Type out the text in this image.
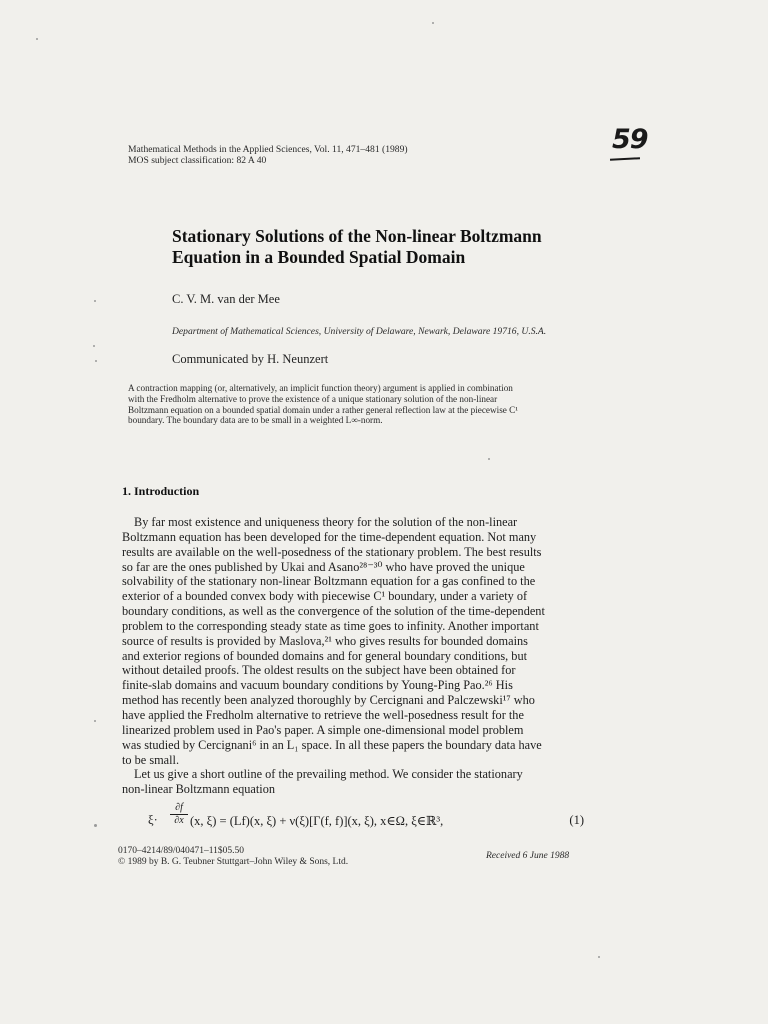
Mathematical Methods in the Applied Sciences, Vol. 11, 471–481 (1989)
MOS subject classification: 82 A 40
59
Stationary Solutions of the Non-linear Boltzmann
Equation in a Bounded Spatial Domain
C. V. M. van der Mee
Department of Mathematical Sciences, University of Delaware, Newark, Delaware 19716, U.S.A.
Communicated by H. Neunzert
A contraction mapping (or, alternatively, an implicit function theory) argument is applied in combination
with the Fredholm alternative to prove the existence of a unique stationary solution of the non-linear
Boltzmann equation on a bounded spatial domain under a rather general reflection law at the piecewise C¹
boundary. The boundary data are to be small in a weighted L∞-norm.
1. Introduction
By far most existence and uniqueness theory for the solution of the non-linear
Boltzmann equation has been developed for the time-dependent equation. Not many
results are available on the well-posedness of the stationary problem. The best results
so far are the ones published by Ukai and Asano²⁸⁻³⁰ who have proved the unique
solvability of the stationary non-linear Boltzmann equation for a gas confined to the
exterior of a bounded convex body with piecewise C¹ boundary, under a variety of
boundary conditions, as well as the convergence of the solution of the time-dependent
problem to the corresponding steady state as time goes to infinity. Another important
source of results is provided by Maslova,²¹ who gives results for bounded domains
and exterior regions of bounded domains and for general boundary conditions, but
without detailed proofs. The oldest results on the subject have been obtained for
finite-slab domains and vacuum boundary conditions by Young-Ping Pao.²⁶ His
method has recently been analyzed thoroughly by Cercignani and Palczewski¹⁷ who
have applied the Fredholm alternative to retrieve the well-posedness result for the
linearized problem used in Pao's paper. A simple one-dimensional model problem
was studied by Cercignani⁶ in an L₁ space. In all these papers the boundary data have
to be small.
Let us give a short outline of the prevailing method. We consider the stationary
non-linear Boltzmann equation
$\xi\cdot \frac{\partial f}{\partial x} (x$, ξ) = (Lf)(x, ξ) + ν(ξ)[Γ(f, f)](x, ξ), x∈Ω, ξ∈ℝ³,	(1)
0170–4214/89/040471–11$05.50
© 1989 by B. G. Teubner Stuttgart–John Wiley & Sons, Ltd.
Received 6 June 1988
